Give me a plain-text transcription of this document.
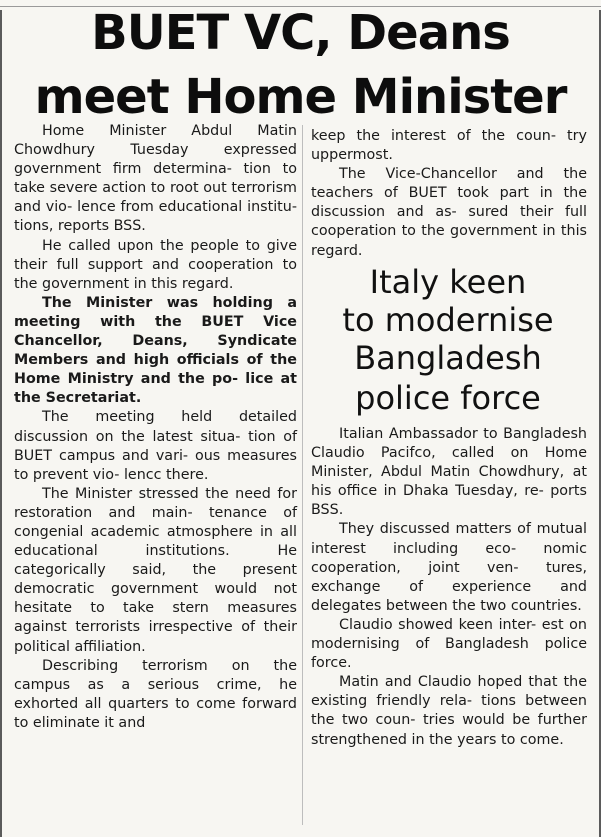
BUET VC, Deans
meet Home Minister

Home Minister Abdul Matin Chowdhury Tuesday expressed government firm determina- tion to take severe action to root out terrorism and vio- lence from educational institu- tions, reports BSS.

He called upon the people to give their full support and cooperation to the government in this regard.

The Minister was holding a meeting with the BUET Vice Chancellor, Deans, Syndicate Members and high officials of the Home Ministry and the po- lice at the Secretariat.

The meeting held detailed discussion on the latest situa- tion of BUET campus and vari- ous measures to prevent vio- lencc there.

The Minister stressed the need for restoration and main- tenance of congenial academic atmosphere in all educational institutions. He categorically said, the present democratic government would not hesitate to take stern measures against terrorists irrespective of their political affiliation.

Describing terrorism on the campus as a serious crime, he exhorted all quarters to come forward to eliminate it and

keep the interest of the coun- try uppermost.

The Vice-Chancellor and the teachers of BUET took part in the discussion and as- sured their full cooperation to the government in this regard.

Italy keen
to modernise
Bangladesh
police force

Italian Ambassador to Bangladesh Claudio Pacifco, called on Home Minister, Abdul Matin Chowdhury, at his office in Dhaka Tuesday, re- ports BSS.

They discussed matters of mutual interest including eco- nomic cooperation, joint ven- tures, exchange of experience and delegates between the two countries.

Claudio showed keen inter- est on modernising of Bangladesh police force.

Matin and Claudio hoped that the existing friendly rela- tions between the two coun- tries would be further strengthened in the years to come.
